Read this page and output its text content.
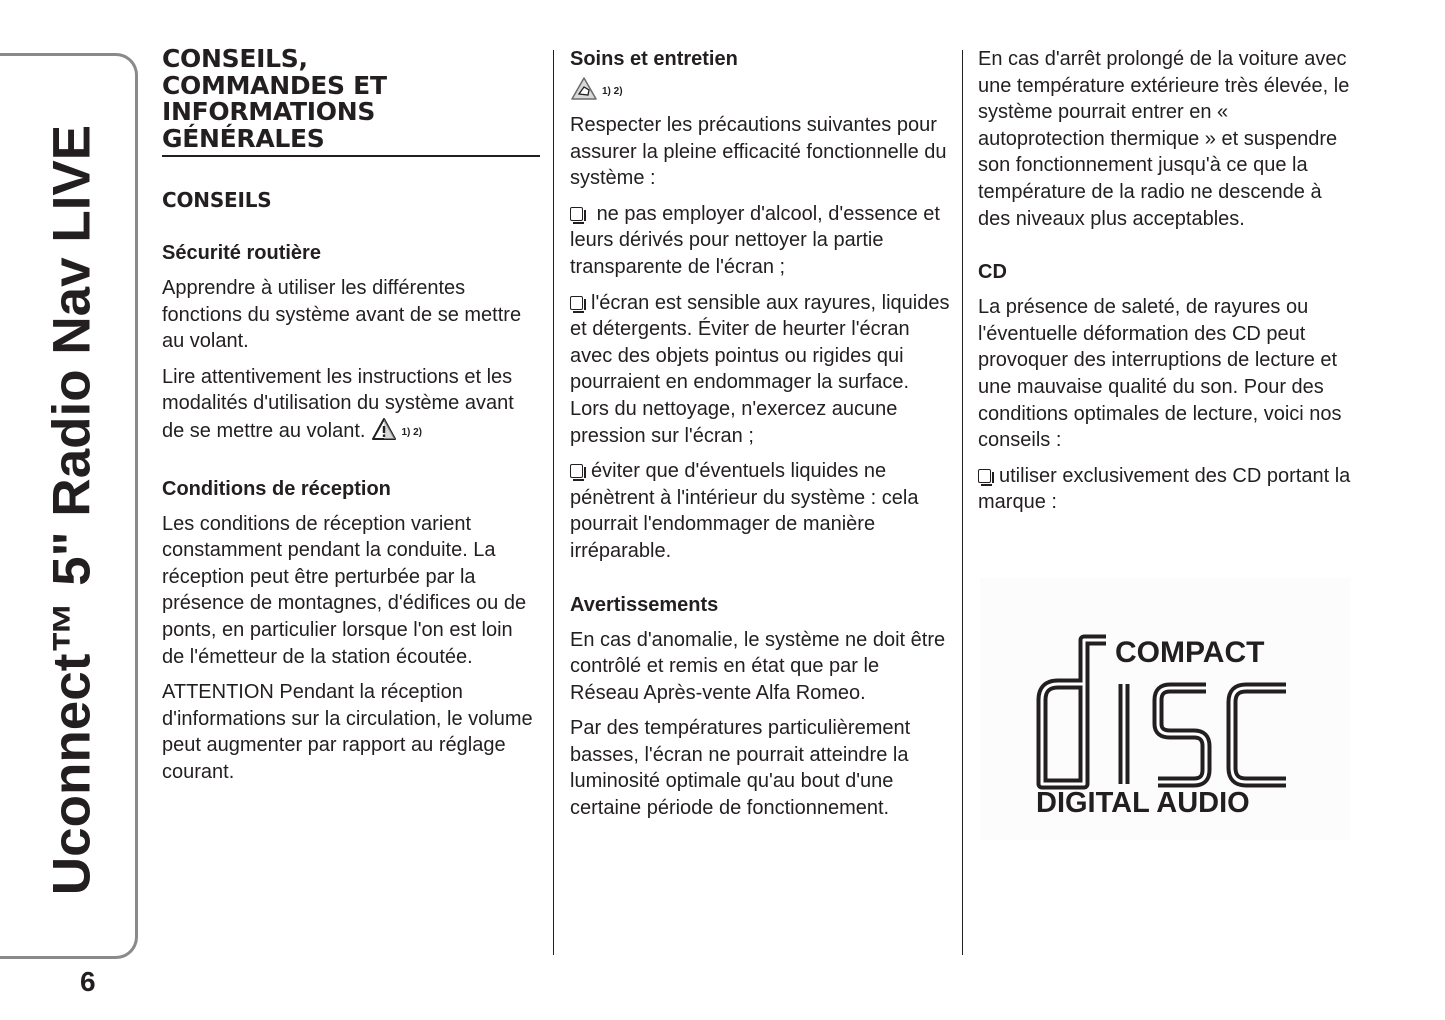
Uconnect™ 5" Radio Nav LIVE
6
CONSEILS,
COMMANDES ET
INFORMATIONS
GÉNÉRALES
CONSEILS
Sécurité routière

Apprendre à utiliser les différentes fonctions du système avant de se mettre au volant.

Lire attentivement les instructions et les modalités d'utilisation du système avant de se mettre au volant.	1) 2)

Conditions de réception

Les conditions de réception varient constamment pendant la conduite. La réception peut être perturbée par la présence de montagnes, d'édifices ou de ponts, en particulier lorsque l'on est loin de l'émetteur de la station écoutée.

ATTENTION Pendant la réception d'informations sur la circulation, le volume peut augmenter par rapport au réglage courant.

Soins et entretien
1) 2)

Respecter les précautions suivantes pour assurer la pleine efficacité fonctionnelle du système :

ne pas employer d'alcool, d'essence et leurs dérivés pour nettoyer la partie transparente de l'écran ;

l'écran est sensible aux rayures, liquides et détergents. Éviter de heurter l'écran avec des objets pointus ou rigides qui pourraient en endommager la surface. Lors du nettoyage, n'exercez aucune pression sur l'écran ;

éviter que d'éventuels liquides ne pénètrent à l'intérieur du système : cela pourrait l'endommager de manière irréparable.

Avertissements

En cas d'anomalie, le système ne doit être contrôlé et remis en état que par le Réseau Après-vente Alfa Romeo.

Par des températures particulièrement basses, l'écran ne pourrait atteindre la luminosité optimale qu'au bout d'une certaine période de fonctionnement.

En cas d'arrêt prolongé de la voiture avec une température extérieure très élevée, le système pourrait entrer en « autoprotection thermique » et suspendre son fonctionnement jusqu'à ce que la température de la radio ne descende à des niveaux plus acceptables.

CD

La présence de saleté, de rayures ou l'éventuelle déformation des CD peut provoquer des interruptions de lecture et une mauvaise qualité du son. Pour des conditions optimales de lecture, voici nos conseils :

utiliser exclusivement des CD portant la marque :

COMPACT
DIGITAL AUDIO
